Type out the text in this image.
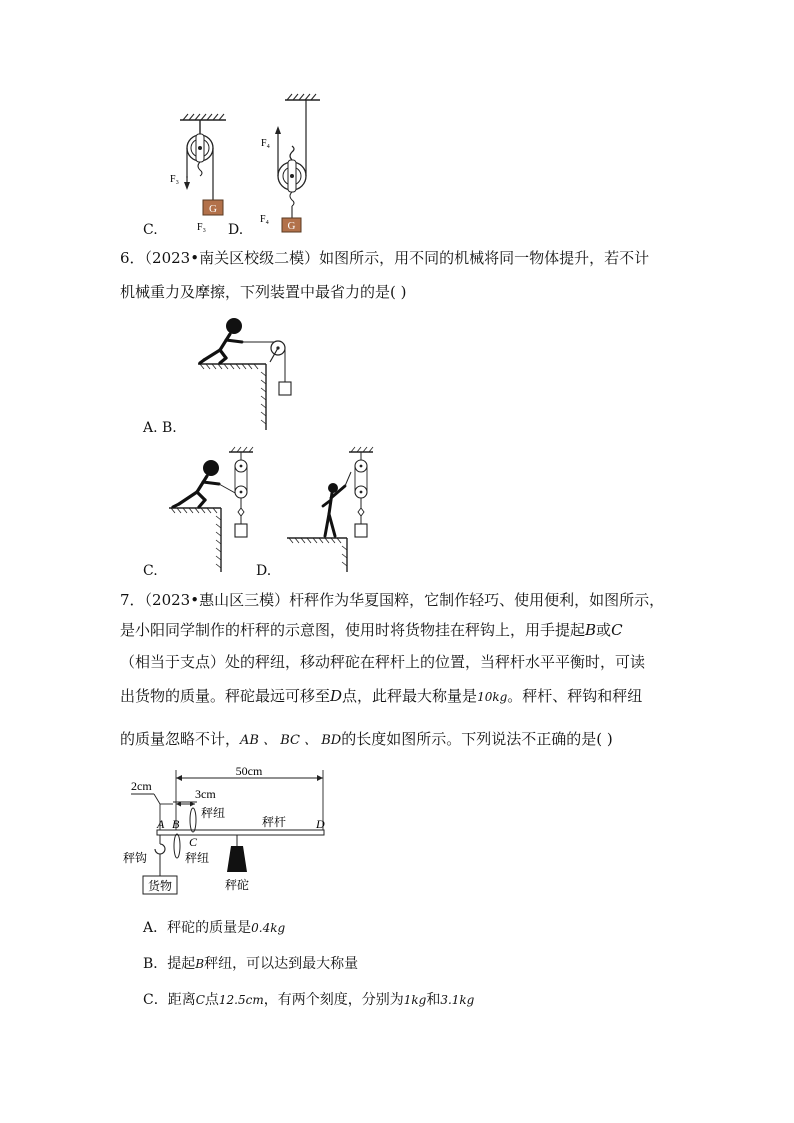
G
F₃
F₃	G
F₄
F₄
C.	D.
6．（2023•南关区校级二模）如图所示，用不同的机械将同一物体提升，若不计
机械重力及摩擦，下列装置中最省力的是( )
A. B.
C.	D.
7．（2023•惠山区三模）杆秤作为华夏国粹，它制作轻巧、使用便利，如图所示，
是小阳同学制作的杆秤的示意图，使用时将货物挂在秤钩上，用手提起B或C
（相当于支点）处的秤纽，移动秤砣在秤杆上的位置，当秤杆水平平衡时，可读
出货物的质量。秤砣最远可移至D点，此秤最大称量是10kg。秤杆、秤钩和秤纽
的质量忽略不计，AB 、 BC 、 BD的长度如图所示。下列说法不正确的是( )
50cm
2cm
3cm
A B
C
D
秤杆
秤纽
秤纽
秤钩
货物	秤砣
A．秤砣的质量是0.4kg
B．提起B秤纽，可以达到最大称量
C．距离C点12.5cm，有两个刻度，分别为1kg和3.1kg
